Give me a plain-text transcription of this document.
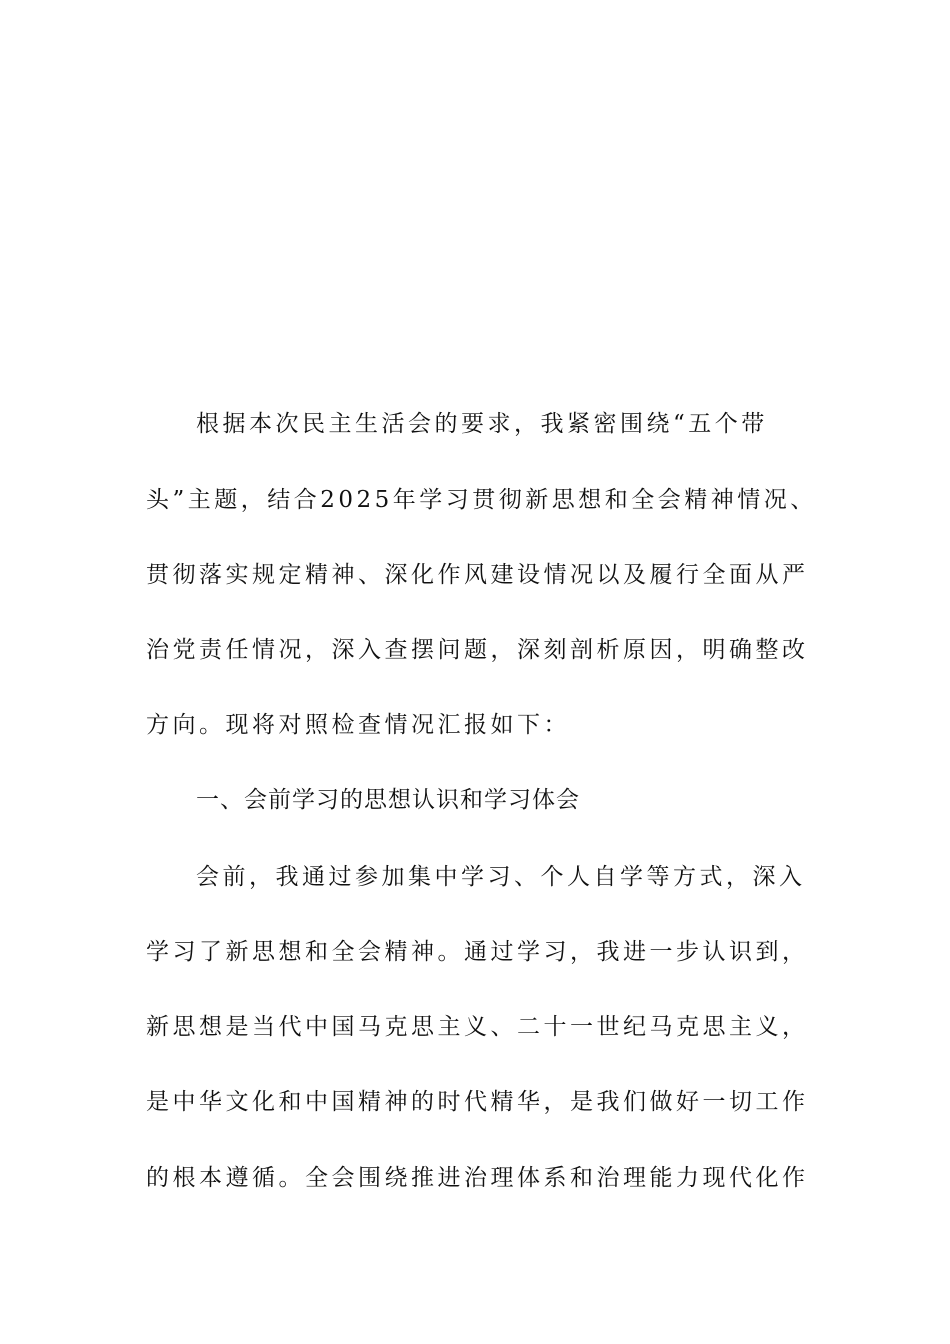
根据本次民主生活会的要求，我紧密围绕“五个带
头”主题，结合2025年学习贯彻新思想和全会精神情况、
贯彻落实规定精神、深化作风建设情况以及履行全面从严
治党责任情况，深入查摆问题，深刻剖析原因，明确整改
方向。现将对照检查情况汇报如下：
一、会前学习的思想认识和学习体会
会前，我通过参加集中学习、个人自学等方式，深入
学习了新思想和全会精神。通过学习，我进一步认识到，
新思想是当代中国马克思主义、二十一世纪马克思主义，
是中华文化和中国精神的时代精华，是我们做好一切工作
的根本遵循。全会围绕推进治理体系和治理能力现代化作
